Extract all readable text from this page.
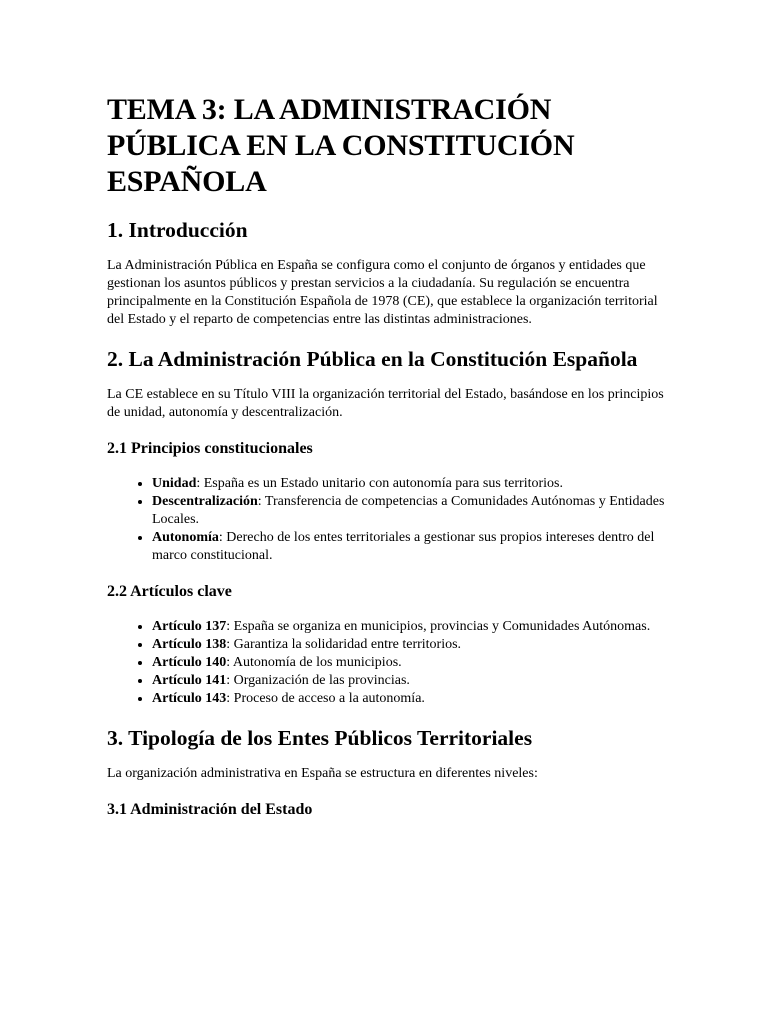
TEMA 3: LA ADMINISTRACIÓN PÚBLICA EN LA CONSTITUCIÓN ESPAÑOLA
1. Introducción

La Administración Pública en España se configura como el conjunto de órganos y entidades que gestionan los asuntos públicos y prestan servicios a la ciudadanía. Su regulación se encuentra principalmente en la Constitución Española de 1978 (CE), que establece la organización territorial del Estado y el reparto de competencias entre las distintas administraciones.

2. La Administración Pública en la Constitución Española

La CE establece en su Título VIII la organización territorial del Estado, basándose en los principios de unidad, autonomía y descentralización.

2.1 Principios constitucionales
• Unidad: España es un Estado unitario con autonomía para sus territorios.
• Descentralización: Transferencia de competencias a Comunidades Autónomas y Entidades Locales.
• Autonomía: Derecho de los entes territoriales a gestionar sus propios intereses dentro del marco constitucional.
2.2 Artículos clave
• Artículo 137: España se organiza en municipios, provincias y Comunidades Autónomas.
• Artículo 138: Garantiza la solidaridad entre territorios.
• Artículo 140: Autonomía de los municipios.
• Artículo 141: Organización de las provincias.
• Artículo 143: Proceso de acceso a la autonomía.
3. Tipología de los Entes Públicos Territoriales

La organización administrativa en España se estructura en diferentes niveles:

3.1 Administración del Estado
